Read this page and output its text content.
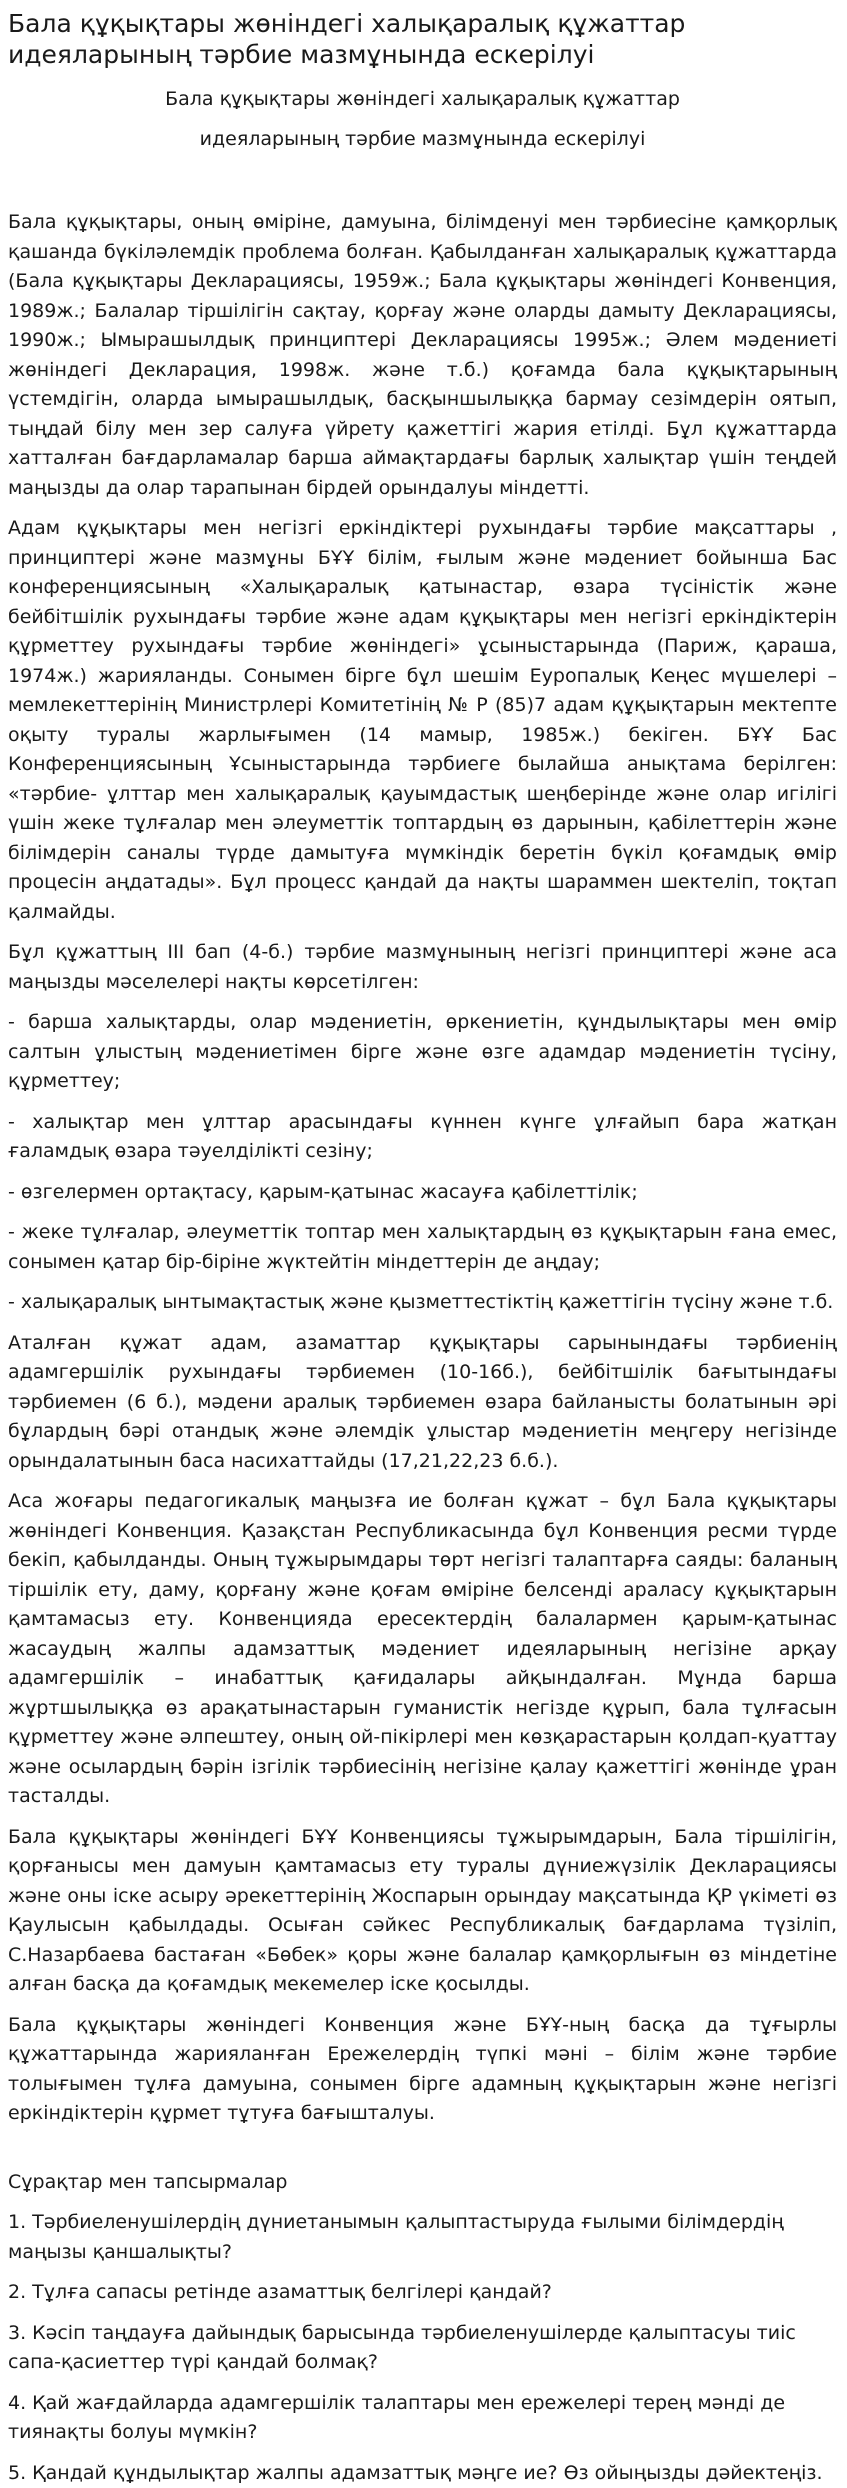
Бала құқықтары жөніндегі халықаралық құжаттар идеяларының тәрбие мазмұнында ескерілуі

Бала құқықтары жөніндегі халықаралық құжаттар

идеяларының тәрбие мазмұнында ескерілуі

Бала құқықтары, оның өміріне, дамуына, білімденуі мен тәрбиесіне қамқорлық қашанда бүкіләлемдік проблема болған. Қабылданған халықаралық құжаттарда (Бала құқықтары Декларациясы, 1959ж.; Бала құқықтары жөніндегі Конвенция, 1989ж.; Балалар тіршілігін сақтау, қорғау және оларды дамыту Декларациясы, 1990ж.; Ымырашылдық принциптері Декларациясы 1995ж.; Әлем мәдениеті жөніндегі Декларация, 1998ж. және т.б.) қоғамда бала құқықтарының үстемдігін, оларда ымырашылдық, басқыншылыққа бармау сезімдерін оятып, тыңдай білу мен зер салуға үйрету қажеттігі жария етілді. Бұл құжаттарда хатталған бағдарламалар барша аймақтардағы барлық халықтар үшін теңдей маңызды да олар тарапынан бірдей орындалуы міндетті.

Адам құқықтары мен негізгі еркіндіктері рухындағы тәрбие мақсаттары , принциптері және мазмұны БҰҰ білім, ғылым және мәдениет бойынша Бас конференциясының «Халықаралық қатынастар, өзара түсіністік және бейбітшілік рухындағы тәрбие және адам құқықтары мен негізгі еркіндіктерін құрметтеу рухындағы тәрбие жөніндегі» ұсыныстарында (Париж, қараша, 1974ж.) жарияланды. Сонымен бірге бұл шешім Еуропалық Кеңес мүшелері – мемлекеттерінің Министрлері Комитетінің № Р (85)7 адам құқықтарын мектепте оқыту туралы жарлығымен (14 мамыр, 1985ж.) бекіген. БҰҰ Бас Конференциясының Ұсыныстарында тәрбиеге былайша анықтама берілген: «тәрбие- ұлттар мен халықаралық қауымдастық шеңберінде және олар игілігі үшін жеке тұлғалар мен әлеуметтік топтардың өз дарынын, қабілеттерін және білімдерін саналы түрде дамытуға мүмкіндік беретін бүкіл қоғамдық өмір процесін аңдатады». Бұл процесс қандай да нақты шараммен шектеліп, тоқтап қалмайды.

Бұл құжаттың III бап (4-б.) тәрбие мазмұнының негізгі принциптері және аса маңызды мәселелері нақты көрсетілген:

- барша халықтарды, олар мәдениетін, өркениетін, құндылықтары мен өмір салтын ұлыстың мәдениетімен бірге және өзге адамдар мәдениетін түсіну, құрметтеу;

- халықтар мен ұлттар арасындағы күннен күнге ұлғайып бара жатқан ғаламдық өзара тәуелділікті сезіну;

- өзгелермен ортақтасу, қарым-қатынас жасауға қабілеттілік;

- жеке тұлғалар, әлеуметтік топтар мен халықтардың өз құқықтарын ғана емес, сонымен қатар бір-біріне жүктейтін міндеттерін де аңдау;

- халықаралық ынтымақтастық және қызметтестіктің қажеттігін түсіну және т.б.

Аталған құжат адам, азаматтар құқықтары сарынындағы тәрбиенің адамгершілік рухындағы тәрбиемен (10-16б.), бейбітшілік бағытындағы тәрбиемен (6 б.), мәдени аралық тәрбиемен өзара байланысты болатынын әрі бұлардың бәрі отандық және әлемдік ұлыстар мәдениетін меңгеру негізінде орындалатынын баса насихаттайды (17,21,22,23 б.б.).

Аса жоғары педагогикалық маңызға ие болған құжат – бұл Бала құқықтары жөніндегі Конвенция. Қазақстан Республикасында бұл Конвенция ресми түрде бекіп, қабылданды. Оның тұжырымдары төрт негізгі талаптарға саяды: баланың тіршілік ету, даму, қорғану және қоғам өміріне белсенді араласу құқықтарын қамтамасыз ету. Конвенцияда ересектердің балалармен қарым-қатынас жасаудың жалпы адамзаттық мәдениет идеяларының негізіне арқау адамгершілік – инабаттық қағидалары айқындалған. Мұнда барша жұртшылыққа өз арақатынастарын гуманистік негізде құрып, бала тұлғасын құрметтеу және әлпештеу, оның ой-пікірлері мен көзқарастарын қолдап-қуаттау және осылардың бәрін ізгілік тәрбиесінің негізіне қалау қажеттігі жөнінде ұран тасталды.

Бала құқықтары жөніндегі БҰҰ Конвенциясы тұжырымдарын, Бала тіршілігін, қорғанысы мен дамуын қамтамасыз ету туралы дүниежүзілік Декларациясы және оны іске асыру әрекеттерінің Жоспарын орындау мақсатында ҚР үкіметі өз Қаулысын қабылдады. Осыған сәйкес Республикалық бағдарлама түзіліп, С.Назарбаева бастаған «Бөбек» қоры және балалар қамқорлығын өз міндетіне алған басқа да қоғамдық мекемелер іске қосылды.

Бала құқықтары жөніндегі Конвенция және БҰҰ-ның басқа да тұғырлы құжаттарында жарияланған Ережелердің түпкі мәні – білім және тәрбие толығымен тұлға дамуына, сонымен бірге адамның құқықтарын және негізгі еркіндіктерін құрмет тұтуға бағышталуы.

Сұрақтар мен тапсырмалар

1. Тәрбиеленушілердің дүниетанымын қалыптастыруда ғылыми білімдердің маңызы қаншалықты?

2. Тұлға сапасы ретінде азаматтық белгілері қандай?

3. Кәсіп таңдауға дайындық барысында тәрбиеленушілерде қалыптасуы тиіс сапа-қасиеттер түрі қандай болмақ?

4. Қай жағдайларда адамгершілік талаптары мен ережелері терең мәнді де тиянақты болуы мүмкін?

5. Қандай құндылықтар жалпы адамзаттық мәңге ие? Өз ойыңызды дәйектеңіз.
